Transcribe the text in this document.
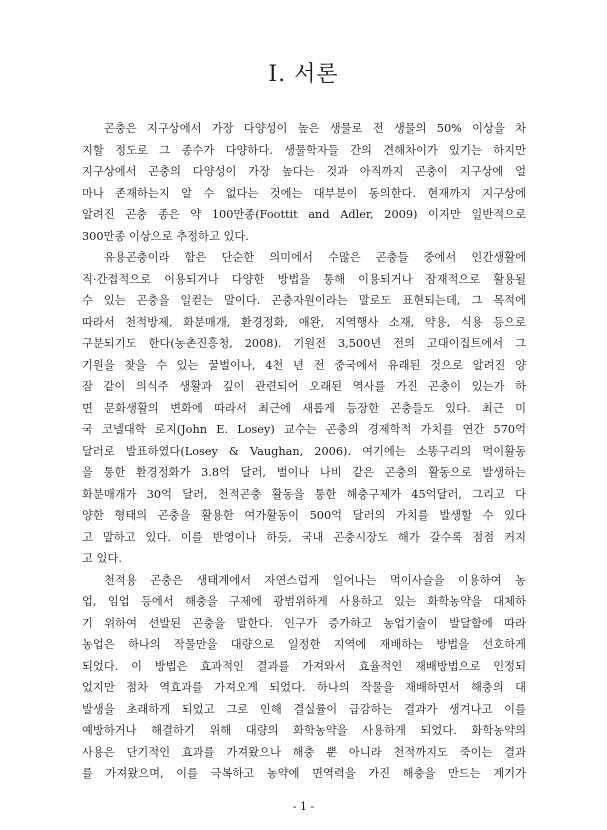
Ⅰ. 서론
곤충은 지구상에서 가장 다양성이 높은 생물로 전 생물의 50% 이상을 차
지할 정도로 그 종수가 다양하다. 생물학자들 간의 견해차이가 있기는 하지만
지구상에서 곤충의 다양성이 가장 높다는 것과 아직까지 곤충이 지구상에 얼
마나 존재하는지 알 수 없다는 것에는 대부분이 동의한다. 현재까지 지구상에
알려진 곤충 종은 약 100만종(Foottit and Adler, 2009) 이지만 일반적으로
300만종 이상으로 추정하고 있다.
유용곤충이라 함은 단순한 의미에서 수많은 곤충들 중에서 인간생활에
직·간접적으로 이용되거나 다양한 방법을 통해 이용되거나 잠재적으로 활용될
수 있는 곤충을 일컫는 말이다. 곤충자원이라는 말로도 표현되는데, 그 목적에
따라서 천적방제, 화분매개, 환경정화, 애완, 지역행사 소재, 약용, 식용 등으로
구분되기도 한다(농촌진흥청, 2008). 기원전 3,500년 전의 고대이집트에서 그
기원을 찾을 수 있는 꿀벌이나, 4천 년 전 중국에서 유래된 것으로 알려진 양
잠 같이 의식주 생활과 깊이 관련되어 오래된 역사를 가진 곤충이 있는가 하
면 문화생활의 변화에 따라서 최근에 새롭게 등장한 곤충들도 있다. 최근 미
국 코넬대학 로지(John E. Losey) 교수는 곤충의 경제학적 가치를 연간 570억
달러로 발표하였다(Losey & Vaughan, 2006). 여기에는 소똥구리의 먹이활동
을 통한 환경정화가 3.8억 달러, 벌이나 나비 같은 곤충의 활동으로 발생하는
화분매개가 30억 달러, 천적곤충 활동을 통한 해충구제가 45억달러, 그리고 다
양한 형태의 곤충을 활용한 여가활동이 500억 달러의 가치를 발생할 수 있다
고 말하고 있다. 이를 반영이나 하듯, 국내 곤충시장도 해가 갈수록 점점 커지
고 있다.
천적용 곤충은 생태계에서 자연스럽게 일어나는 먹이사슬을 이용하여 농
업, 임업 등에서 해충을 구제에 광범위하게 사용하고 있는 화학농약을 대체하
기 위하여 선발된 곤충을 말한다. 인구가 증가하고 농업기술이 발달함에 따라
농업은 하나의 작물만을 대량으로 일정한 지역에 재배하는 방법을 선호하게
되었다. 이 방법은 효과적인 결과를 가져와서 효율적인 재배방법으로 인정되
었지만 점차 역효과를 가져오게 되었다. 하나의 작물을 재배하면서 해충의 대
발생을 초래하게 되었고 그로 인해 결실률이 급감하는 결과가 생겨나고 이를
예방하거나 해결하기 위해 대량의 화학농약을 사용하게 되었다. 화학농약의
사용은 단기적인 효과를 가져왔으나 해충 뿐 아니라 천적까지도 죽이는 결과
를 가져왔으며, 이를 극복하고 농약에 면역력을 가진 해충을 만드는 계기가
- 1 -
